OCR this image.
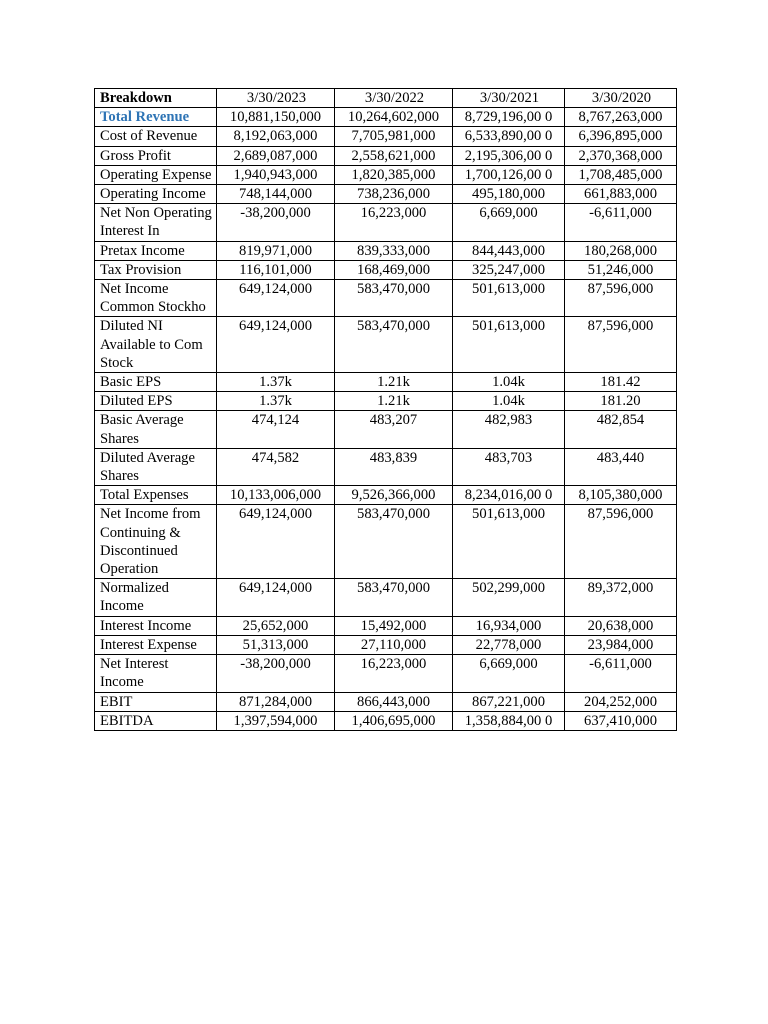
Breakdown	3/30/2023	3/30/2022	3/30/2021	3/30/2020
Total Revenue	10,881,150,000	10,264,602,000	8,729,196,00 0	8,767,263,000
Cost of Revenue	8,192,063,000	7,705,981,000	6,533,890,00 0	6,396,895,000
Gross Profit	2,689,087,000	2,558,621,000	2,195,306,00 0	2,370,368,000
Operating Expense	1,940,943,000	1,820,385,000	1,700,126,00 0	1,708,485,000
Operating Income	748,144,000	738,236,000	495,180,000	661,883,000
Net Non Operating Interest In	-38,200,000	16,223,000	6,669,000	-6,611,000
Pretax Income	819,971,000	839,333,000	844,443,000	180,268,000
Tax Provision	116,101,000	168,469,000	325,247,000	51,246,000
Net Income Common Stockho	649,124,000	583,470,000	501,613,000	87,596,000
Diluted NI Available to Com Stock	649,124,000	583,470,000	501,613,000	87,596,000
Basic EPS	1.37k	1.21k	1.04k	181.42
Diluted EPS	1.37k	1.21k	1.04k	181.20
Basic Average Shares	474,124	483,207	482,983	482,854
Diluted Average Shares	474,582	483,839	483,703	483,440
Total Expenses	10,133,006,000	9,526,366,000	8,234,016,00 0	8,105,380,000
Net Income from Continuing & Discontinued Operation	649,124,000	583,470,000	501,613,000	87,596,000
Normalized Income	649,124,000	583,470,000	502,299,000	89,372,000
Interest Income	25,652,000	15,492,000	16,934,000	20,638,000
Interest Expense	51,313,000	27,110,000	22,778,000	23,984,000
Net Interest Income	-38,200,000	16,223,000	6,669,000	-6,611,000
EBIT	871,284,000	866,443,000	867,221,000	204,252,000
EBITDA	1,397,594,000	1,406,695,000	1,358,884,00 0	637,410,000
